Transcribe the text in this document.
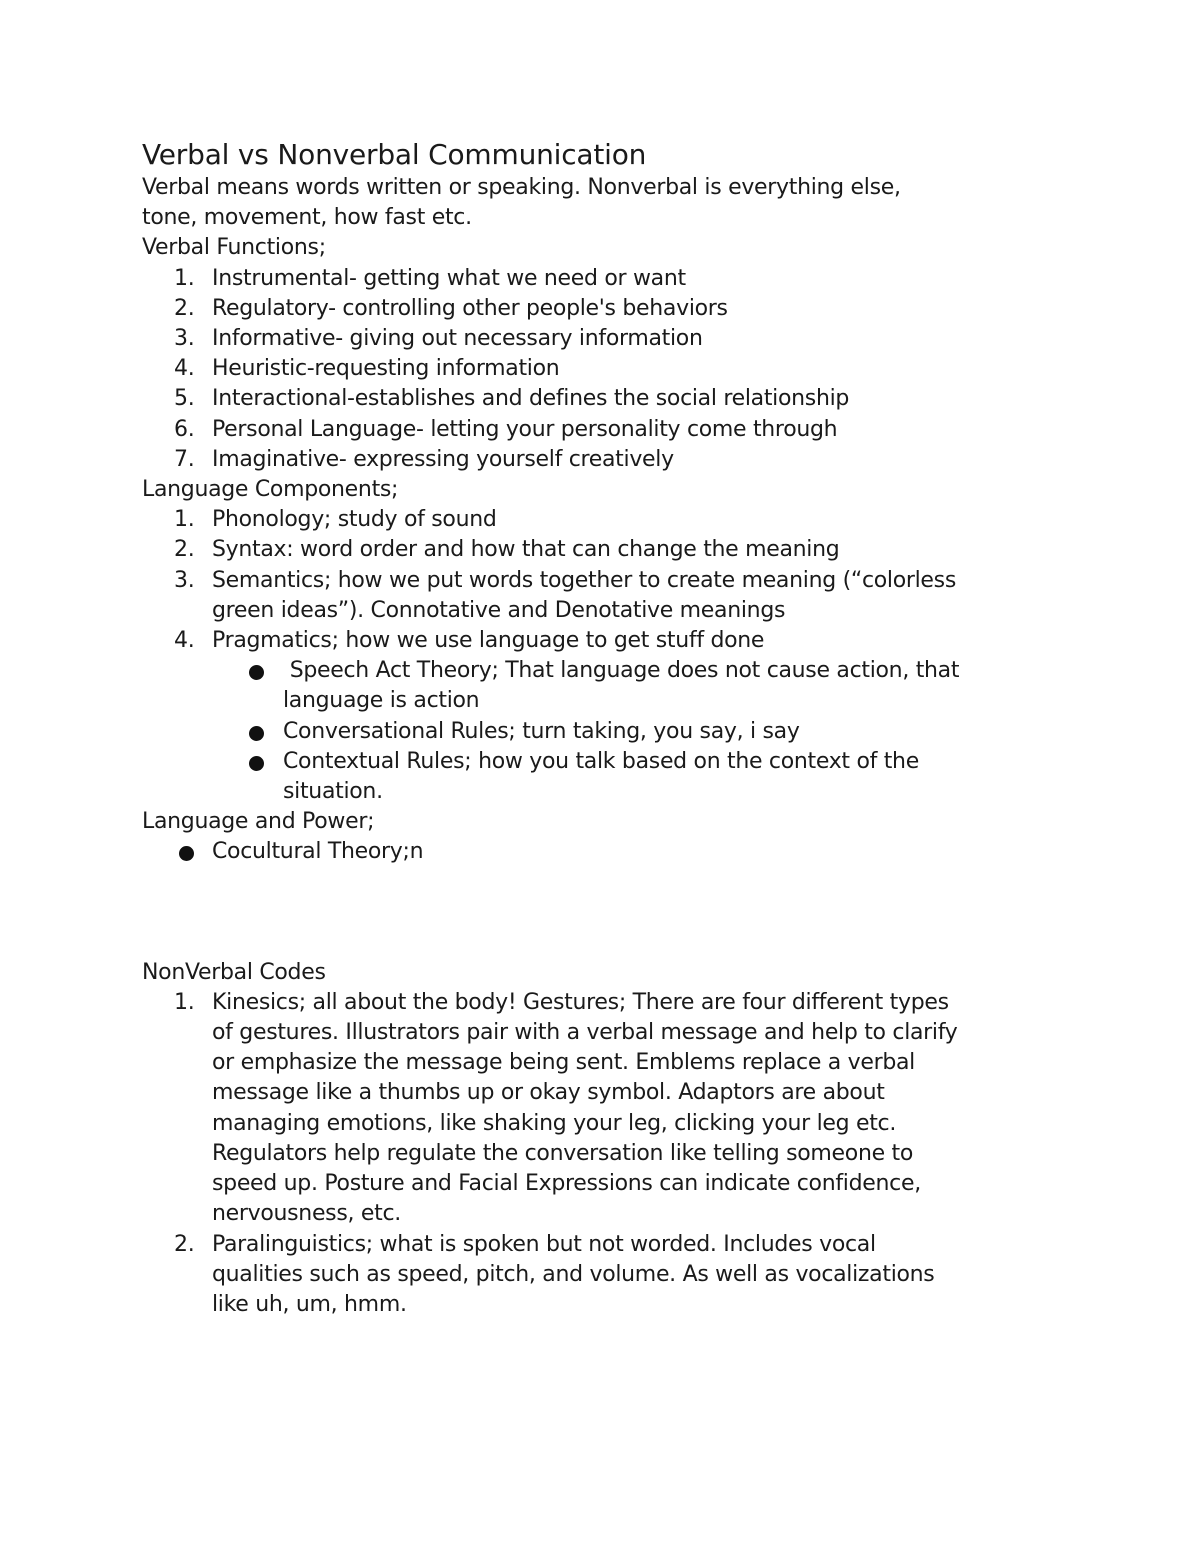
Verbal vs Nonverbal Communication

Verbal means words written or speaking. Nonverbal is everything else,

tone, movement, how fast etc.

Verbal Functions;

1. Instrumental- getting what we need or want
2. Regulatory- controlling other people's behaviors
3. Informative- giving out necessary information
4. Heuristic-requesting information
5. Interactional-establishes and defines the social relationship
6. Personal Language- letting your personality come through
7. Imaginative- expressing yourself creatively

Language Components;

1. Phonology; study of sound
2. Syntax: word order and how that can change the meaning
3. Semantics; how we put words together to create meaning (“colorless
green ideas”). Connotative and Denotative meanings
4. Pragmatics; how we use language to get stuff done
Speech Act Theory; That language does not cause action, that
language is action
Conversational Rules; turn taking, you say, i say
Contextual Rules; how you talk based on the context of the
situation.

Language and Power;

Cocultural Theory;n

NonVerbal Codes

1. Kinesics; all about the body! Gestures; There are four different types
of gestures. Illustrators pair with a verbal message and help to clarify
or emphasize the message being sent. Emblems replace a verbal
message like a thumbs up or okay symbol. Adaptors are about
managing emotions, like shaking your leg, clicking your leg etc.
Regulators help regulate the conversation like telling someone to
speed up. Posture and Facial Expressions can indicate confidence,
nervousness, etc.
2. Paralinguistics; what is spoken but not worded. Includes vocal
qualities such as speed, pitch, and volume. As well as vocalizations
like uh, um, hmm.
